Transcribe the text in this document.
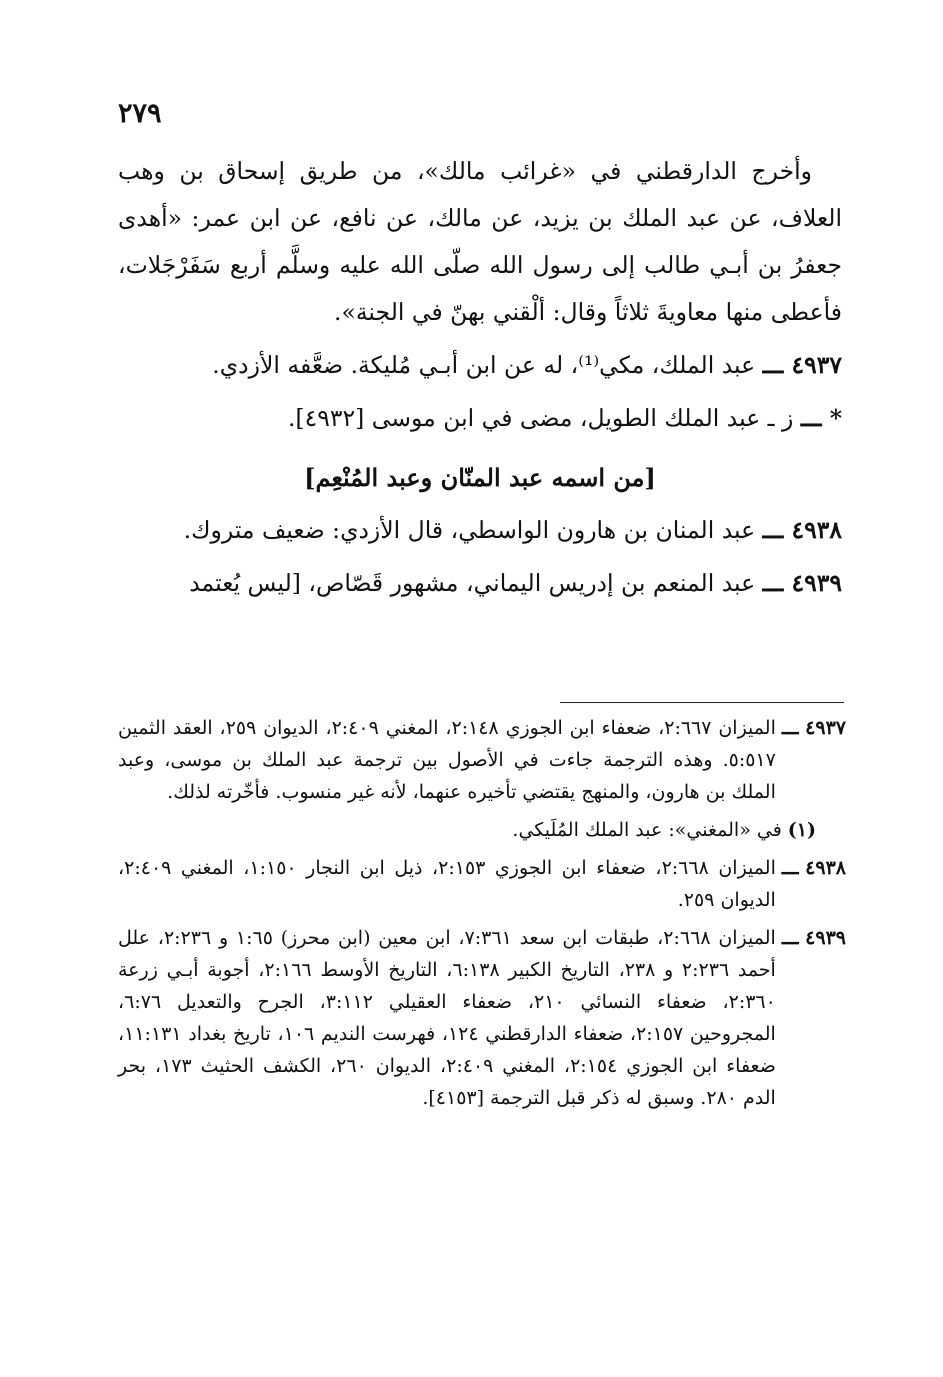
٢٧٩

وأخرج الدارقطني في «غرائب مالك»، من طريق إسحاق بن وهب العلاف، عن عبد الملك بن يزيد، عن مالك، عن نافع، عن ابن عمر: «أهدى جعفرُ بن أبـي طالب إلى رسول الله صلّى الله عليه وسلَّم أربع سَفَرْجَلات، فأعطى منها معاويةَ ثلاثاً وقال: ألْقني بهنّ في الجنة».

٤٩٣٧ ـــ عبد الملك، مكي⁽¹⁾، له عن ابن أبـي مُليكة. ضعَّفه الأزدي.

* ـــ ز ـ عبد الملك الطويل، مضى في ابن موسى [٤٩٣٢].

[من اسمه عبد المنّان وعبد المُنْعِم]

٤٩٣٨ ـــ عبد المنان بن هارون الواسطي، قال الأزدي: ضعيف متروك.

٤٩٣٩ ـــ عبد المنعم بن إدريس اليماني، مشهور قَصّاص، [ليس يُعتمد

٤٩٣٧ ـــ
الميزان ٢:٦٦٧، ضعفاء ابن الجوزي ٢:١٤٨، المغني ٢:٤٠٩، الديوان ٢٥٩، العقد الثمين ٥:٥١٧. وهذه الترجمة جاءت في الأصول بين ترجمة عبد الملك بن موسى، وعبد الملك بن هارون، والمنهج يقتضي تأخيره عنهما، لأنه غير منسوب. فأخّرته لذلك.

(١)
في «المغني»: عبد الملك المُلَيكي.

٤٩٣٨ ـــ
الميزان ٢:٦٦٨، ضعفاء ابن الجوزي ٢:١٥٣، ذيل ابن النجار ١:١٥٠، المغني ٢:٤٠٩، الديوان ٢٥٩.

٤٩٣٩ ـــ
الميزان ٢:٦٦٨، طبقات ابن سعد ٧:٣٦١، ابن معين (ابن محرز) ١:٦٥ و ٢:٢٣٦، علل أحمد ٢:٢٣٦ و ٢٣٨، التاريخ الكبير ٦:١٣٨، التاريخ الأوسط ٢:١٦٦، أجوبة أبـي زرعة ٢:٣٦٠، ضعفاء النسائي ٢١٠، ضعفاء العقيلي ٣:١١٢، الجرح والتعديل ٦:٧٦، المجروحين ٢:١٥٧، ضعفاء الدارقطني ١٢٤، فهرست النديم ١٠٦، تاريخ بغداد ١١:١٣١، ضعفاء ابن الجوزي ٢:١٥٤، المغني ٢:٤٠٩، الديوان ٢٦٠، الكشف الحثيث ١٧٣، بحر الدم ٢٨٠. وسبق له ذكر قبل الترجمة [٤١٥٣].
